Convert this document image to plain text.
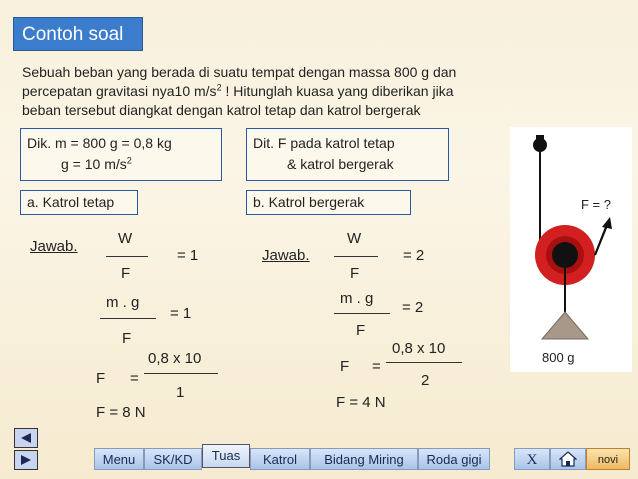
Contoh soal
Sebuah beban yang berada di suatu tempat dengan massa 800 g dan
percepatan gravitasi nya10 $m/s^2$ ! Hitunglah kuasa yang diberikan jika
beban tersebut diangkat dengan katrol tetap dan katrol bergerak
Dik. m = 800 g = 0,8 kg
g = 10 $m/s^2$
Dit. F pada katrol tetap
& katrol bergerak
a. Katrol tetap	b. Katrol bergerak
Jawab.	W
F
= 1
m . g
F
= 1
F =
0,8 x 10
1
F = 8 N
Jawab.
W
F
= 2
m . g
F
= 2
F =
0,8 x 10
2
F = 4 N
F = ?
800 g
Menu	SK/KD	Tuas	Katrol	Bidang Miring	Roda gigi	X	novi
